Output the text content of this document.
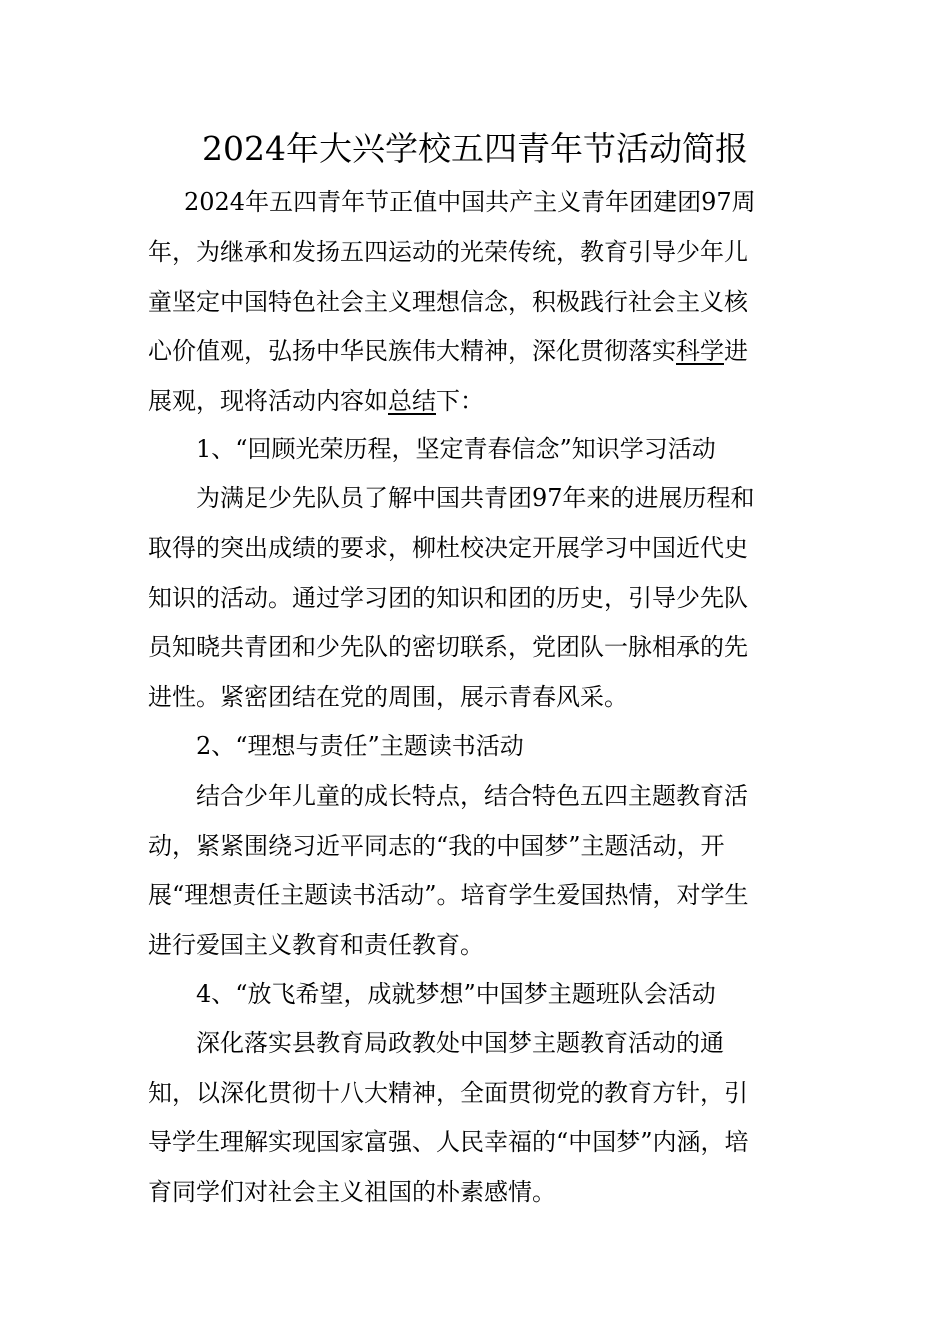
2024年大兴学校五四青年节活动简报
2024年五四青年节正值中国共产主义青年团建团97周
年，为继承和发扬五四运动的光荣传统，教育引导少年儿
童坚定中国特色社会主义理想信念，积极践行社会主义核
心价值观，弘扬中华民族伟大精神，深化贯彻落实科学进
展观，现将活动内容如总结下：
1、“回顾光荣历程，坚定青春信念”知识学习活动
为满足少先队员了解中国共青团97年来的进展历程和
取得的突出成绩的要求，柳杜校决定开展学习中国近代史
知识的活动。通过学习团的知识和团的历史，引导少先队
员知晓共青团和少先队的密切联系，党团队一脉相承的先
进性。紧密团结在党的周围，展示青春风采。
2、“理想与责任”主题读书活动
结合少年儿童的成长特点，结合特色五四主题教育活
动，紧紧围绕习近平同志的“我的中国梦”主题活动，开
展“理想责任主题读书活动”。培育学生爱国热情，对学生
进行爱国主义教育和责任教育。
4、“放飞希望，成就梦想”中国梦主题班队会活动
深化落实县教育局政教处中国梦主题教育活动的通
知，以深化贯彻十八大精神，全面贯彻党的教育方针，引
导学生理解实现国家富强、人民幸福的“中国梦”内涵，培
育同学们对社会主义祖国的朴素感情。
